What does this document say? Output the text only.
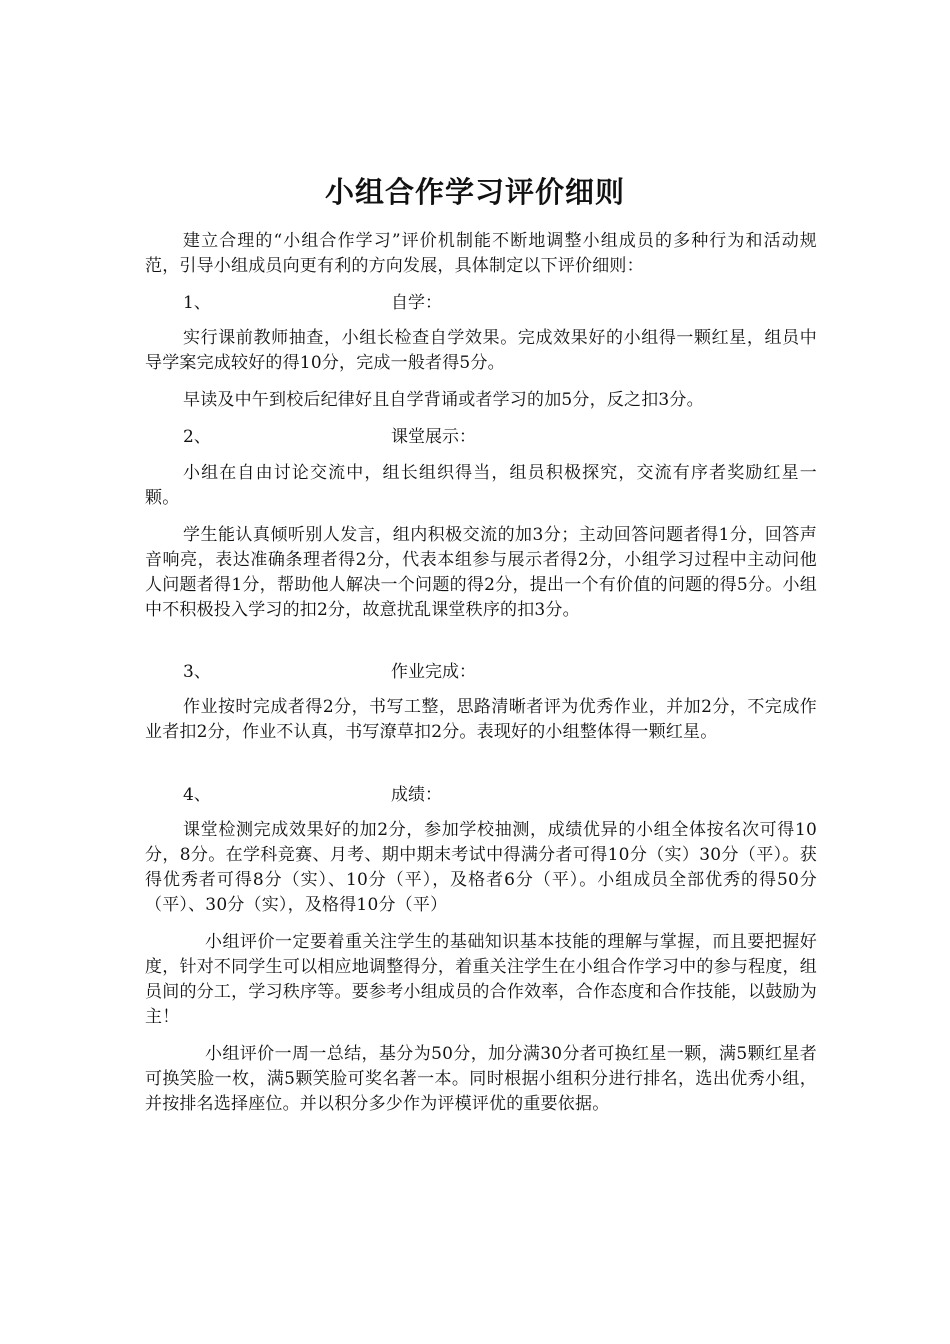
小组合作学习评价细则

建立合理的“小组合作学习”评价机制能不断地调整小组成员的多种行为和活动规范，引导小组成员向更有利的方向发展，具体制定以下评价细则：

1、	自学：

实行课前教师抽查，小组长检查自学效果。完成效果好的小组得一颗红星，组员中导学案完成较好的得10分，完成一般者得5分。

早读及中午到校后纪律好且自学背诵或者学习的加5分，反之扣3分。

2、	课堂展示：

小组在自由讨论交流中，组长组织得当，组员积极探究，交流有序者奖励红星一颗。

学生能认真倾听别人发言，组内积极交流的加3分；主动回答问题者得1分，回答声音响亮，表达准确条理者得2分，代表本组参与展示者得2分，小组学习过程中主动问他人问题者得1分，帮助他人解决一个问题的得2分，提出一个有价值的问题的得5分。小组中不积极投入学习的扣2分，故意扰乱课堂秩序的扣3分。

3、	作业完成：

作业按时完成者得2分，书写工整，思路清晰者评为优秀作业，并加2分，不完成作业者扣2分，作业不认真，书写潦草扣2分。表现好的小组整体得一颗红星。

4、	成绩：

课堂检测完成效果好的加2分，参加学校抽测，成绩优异的小组全体按名次可得10分，8分。在学科竞赛、月考、期中期末考试中得满分者可得10分（实）30分（平）。获得优秀者可得8分（实）、10分（平），及格者6分（平）。小组成员全部优秀的得50分（平）、30分（实），及格得10分（平）

小组评价一定要着重关注学生的基础知识基本技能的理解与掌握，而且要把握好度，针对不同学生可以相应地调整得分，着重关注学生在小组合作学习中的参与程度，组员间的分工，学习秩序等。要参考小组成员的合作效率，合作态度和合作技能，以鼓励为主！

小组评价一周一总结，基分为50分，加分满30分者可换红星一颗，满5颗红星者可换笑脸一枚，满5颗笑脸可奖名著一本。同时根据小组积分进行排名，选出优秀小组，并按排名选择座位。并以积分多少作为评模评优的重要依据。
